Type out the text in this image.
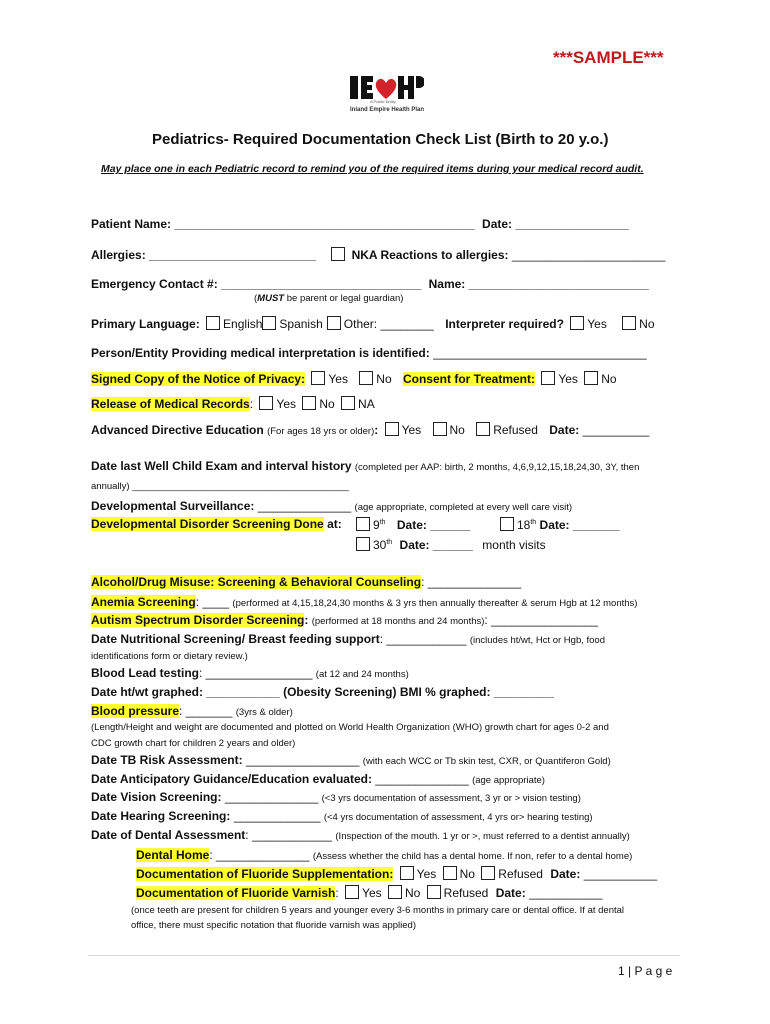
***SAMPLE***
A Public Entity
Inland Empire Health Plan
Pediatrics- Required Documentation Check List (Birth to 20 y.o.)
May place one in each Pediatric record to remind you of the required items during your medical record audit.
Patient Name: _____________________________________________ Date: _________________
Allergies: _________________________	NKA Reactions to allergies: _______________________
Emergency Contact #: ______________________________ Name: ___________________________
(MUST be parent or legal guardian)
Primary Language: English Spanish Other: ________ Interpreter required? Yes	No
Person/Entity Providing medical interpretation is identified: ________________________________
Signed Copy of the Notice of Privacy: Yes No Consent for Treatment: Yes No
Release of Medical Records: Yes No NA
Advanced Directive Education (For ages 18 yrs or older): Yes No Refused Date: __________
Date last Well Child Exam and interval history (completed per AAP: birth, 2 months, 4,6,9,12,15,18,24,30, 3Y, then
annually) _________________________________________
Developmental Surveillance: ______________ (age appropriate, completed at every well care visit)
Developmental Disorder Screening Done at:	9th Date: ______	18th Date: _______
30th Date: ______ month visits
Alcohol/Drug Misuse: Screening & Behavioral Counseling: ______________
Anemia Screening: ____ (performed at 4,15,18,24,30 months & 3 yrs then annually thereafter & serum Hgb at 12 months)
Autism Spectrum Disorder Screening: (performed at 18 months and 24 months): ________________
Date Nutritional Screening/ Breast feeding support: ____________ (includes ht/wt, Hct or Hgb, food
identifications form or dietary review.)
Blood Lead testing: ________________ (at 12 and 24 months)
Date ht/wt graphed: ___________ (Obesity Screening) BMI % graphed: _________
Blood pressure: _______ (3yrs & older)
(Length/Height and weight are documented and plotted on World Health Organization (WHO) growth chart for ages 0-2 and
CDC growth chart for children 2 years and older)
Date TB Risk Assessment: _________________ (with each WCC or Tb skin test, CXR, or Quantiferon Gold)
Date Anticipatory Guidance/Education evaluated: ______________ (age appropriate)
Date Vision Screening: ______________ (<3 yrs documentation of assessment, 3 yr or > vision testing)
Date Hearing Screening: _____________ (<4 yrs documentation of assessment, 4 yrs or> hearing testing)
Date of Dental Assessment: ____________ (Inspection of the mouth. 1 yr or >, must referred to a dentist annually)
Dental Home: ______________ (Assess whether the child has a dental home. If non, refer to a dental home)
Documentation of Fluoride Supplementation: Yes No Refused Date: ___________
Documentation of Fluoride Varnish: Yes No Refused Date: ___________
(once teeth are present for children 5 years and younger every 3-6 months in primary care or dental office. If at dental
office, there must specific notation that fluoride varnish was applied)
1 | P a g e
